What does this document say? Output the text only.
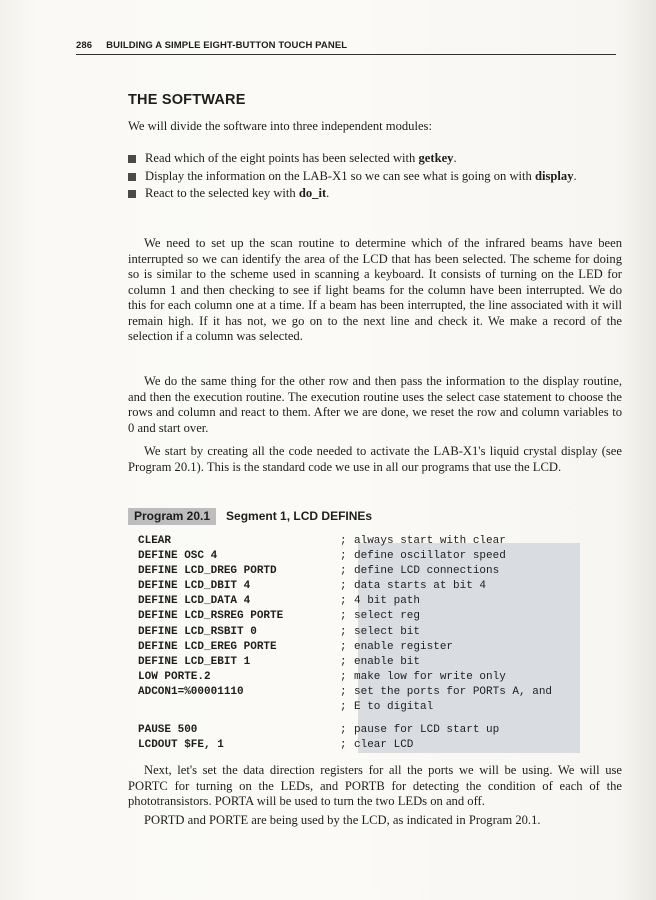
286 BUILDING A SIMPLE EIGHT-BUTTON TOUCH PANEL
THE SOFTWARE

We will divide the software into three independent modules:

Read which of the eight points has been selected with getkey.
Display the information on the LAB-X1 so we can see what is going on with display.
React to the selected key with do_it.

We need to set up the scan routine to determine which of the infrared beams have been interrupted so we can identify the area of the LCD that has been selected. The scheme for doing so is similar to the scheme used in scanning a keyboard. It consists of turning on the LED for column 1 and then checking to see if light beams for the column have been interrupted. We do this for each column one at a time. If a beam has been interrupted, the line associated with it will remain high. If it has not, we go on to the next line and check it. We make a record of the selection if a column was selected.

We do the same thing for the other row and then pass the information to the display routine, and then the execution routine. The execution routine uses the select case statement to choose the rows and column and react to them. After we are done, we reset the row and column variables to 0 and start over.

We start by creating all the code needed to activate the LAB-X1's liquid crystal display (see Program 20.1). This is the standard code we use in all our programs that use the LCD.

Program 20.1 Segment 1, LCD DEFINEs
CLEAR	; always start with clear
DEFINE OSC 4	; define oscillator speed
DEFINE LCD_DREG PORTD	; define LCD connections
DEFINE LCD_DBIT 4	; data starts at bit 4
DEFINE LCD_DATA 4	; 4 bit path
DEFINE LCD_RSREG PORTE	; select reg
DEFINE LCD_RSBIT 0	; select bit
DEFINE LCD_EREG PORTE	; enable register
DEFINE LCD_EBIT 1	; enable bit
LOW PORTE.2	; make low for write only
ADCON1=%00001110	; set the ports for PORTs A, and
; E to digital
PAUSE 500	; pause for LCD start up
LCDOUT $FE, 1	; clear LCD

Next, let's set the data direction registers for all the ports we will be using. We will use PORTC for turning on the LEDs, and PORTB for detecting the condition of each of the phototransistors. PORTA will be used to turn the two LEDs on and off.

PORTD and PORTE are being used by the LCD, as indicated in Program 20.1.
